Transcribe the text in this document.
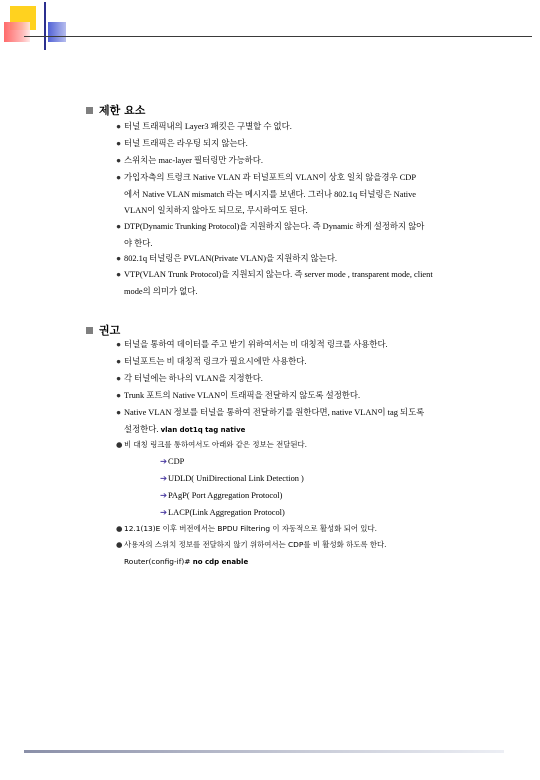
제한 요소
● 터널 트래픽내의 Layer3 패킷은 구별할 수 없다.
● 터널 트래픽은 라우팅 되지 않는다.
● 스위치는 mac-layer 필터링만 가능하다.
● 가입자측의 트렁크 Native VLAN 과 터널포트의 VLAN이 상호 일치 않을경우 CDP
에서 Native VLAN mismatch 라는 메시지를 보낸다. 그러나 802.1q 터널링은 Native
VLAN이 일치하지 않아도 되므로, 무시하여도 된다.
● DTP(Dynamic Trunking Protocol)을 지원하지 않는다. 즉 Dynamic 하게 설정하지 않아
야 한다.
● 802.1q 터널링은 PVLAN(Private VLAN)을 지원하지 않는다.
● VTP(VLAN Trunk Protocol)을 지원되지 않는다. 즉 server mode , transparent mode, client
mode의 의미가 없다.
권고
● 터널을 통하여 데이터를 주고 받기 위하여서는 비 대칭적 링크를 사용한다.
● 터널포트는 비 대칭적 링크가 필요시에만 사용한다.
● 각 터널에는 하나의 VLAN을 지정한다.
● Trunk 포트의 Native VLAN이 트래픽을 전달하지 않도록 설정한다.
● Native VLAN 정보를 터널을 통하여 전달하기를 원한다면, native VLAN이 tag 되도록
설정한다. vlan dot1q tag native
● 비 대칭 링크를 통하여서도 아래와 같은 정보는 전달된다.
➔CDP
➔UDLD( UniDirectional Link Detection )
➔PAgP( Port Aggregation Protocol)
➔LACP(Link Aggregation Protocol)
● 12.1(13)E 이후 버전에서는 BPDU Filtering 이 자동적으로 활성화 되어 있다.
● 사용자의 스위치 정보를 전달하지 않기 위하여서는 CDP를 비 활성화 하도록 한다.
Router(config-if)# no cdp enable
